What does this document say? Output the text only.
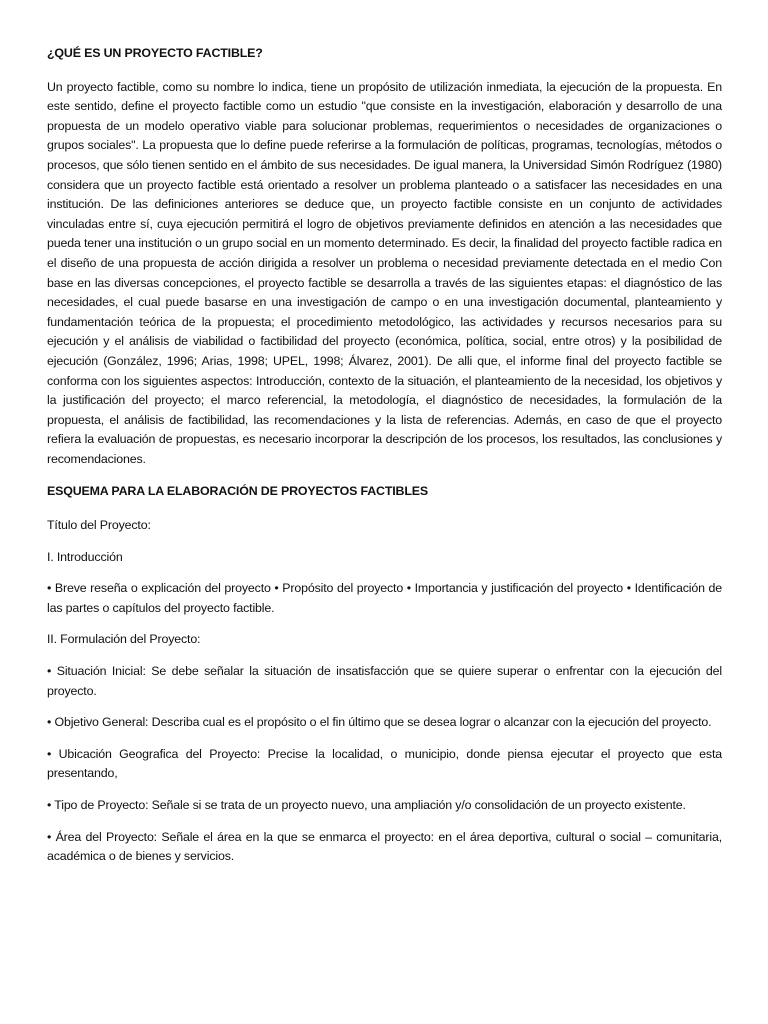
¿QUÉ ES UN PROYECTO FACTIBLE?

Un proyecto factible, como su nombre lo indica, tiene un propósito de utilización inmediata, la ejecución de la propuesta. En este sentido, define el proyecto factible como un estudio "que consiste en la investigación, elaboración y desarrollo de una propuesta de un modelo operativo viable para solucionar problemas, requerimientos o necesidades de organizaciones o grupos sociales". La propuesta que lo define puede referirse a la formulación de políticas, programas, tecnologías, métodos o procesos, que sólo tienen sentido en el ámbito de sus necesidades. De igual manera, la Universidad Simón Rodríguez (1980) considera que un proyecto factible está orientado a resolver un problema planteado o a satisfacer las necesidades en una institución. De las definiciones anteriores se deduce que, un proyecto factible consiste en un conjunto de actividades vinculadas entre sí, cuya ejecución permitirá el logro de objetivos previamente definidos en atención a las necesidades que pueda tener una institución o un grupo social en un momento determinado. Es decir, la finalidad del proyecto factible radica en el diseño de una propuesta de acción dirigida a resolver un problema o necesidad previamente detectada en el medio Con base en las diversas concepciones, el proyecto factible se desarrolla a través de las siguientes etapas: el diagnóstico de las necesidades, el cual puede basarse en una investigación de campo o en una investigación documental, planteamiento y fundamentación teórica de la propuesta; el procedimiento metodológico, las actividades y recursos necesarios para su ejecución y el análisis de viabilidad o factibilidad del proyecto (económica, política, social, entre otros) y la posibilidad de ejecución (González, 1996; Arias, 1998; UPEL, 1998; Álvarez, 2001). De alli que, el informe final del proyecto factible se conforma con los siguientes aspectos: Introducción, contexto de la situación, el planteamiento de la necesidad, los objetivos y la justificación del proyecto; el marco referencial, la metodología, el diagnóstico de necesidades, la formulación de la propuesta, el análisis de factibilidad, las recomendaciones y la lista de referencias. Además, en caso de que el proyecto refiera la evaluación de propuestas, es necesario incorporar la descripción de los procesos, los resultados, las conclusiones y recomendaciones.

ESQUEMA PARA LA ELABORACIÓN DE PROYECTOS FACTIBLES

Título del Proyecto:

I. Introducción

• Breve reseña o explicación del proyecto • Propósito del proyecto • Importancia y justificación del proyecto • Identificación de las partes o capítulos del proyecto factible.

II. Formulación del Proyecto:

• Situación Inicial: Se debe señalar la situación de insatisfacción que se quiere superar o enfrentar con la ejecución del proyecto.

• Objetivo General: Describa cual es el propósito o el fin último que se desea lograr o alcanzar con la ejecución del proyecto.

• Ubicación Geografica del Proyecto: Precise la localidad, o municipio, donde piensa ejecutar el proyecto que esta presentando,

• Tipo de Proyecto: Señale si se trata de un proyecto nuevo, una ampliación y/o consolidación de un proyecto existente.

• Área del Proyecto: Señale el área en la que se enmarca el proyecto: en el área deportiva, cultural o social – comunitaria, académica o de bienes y servicios.
